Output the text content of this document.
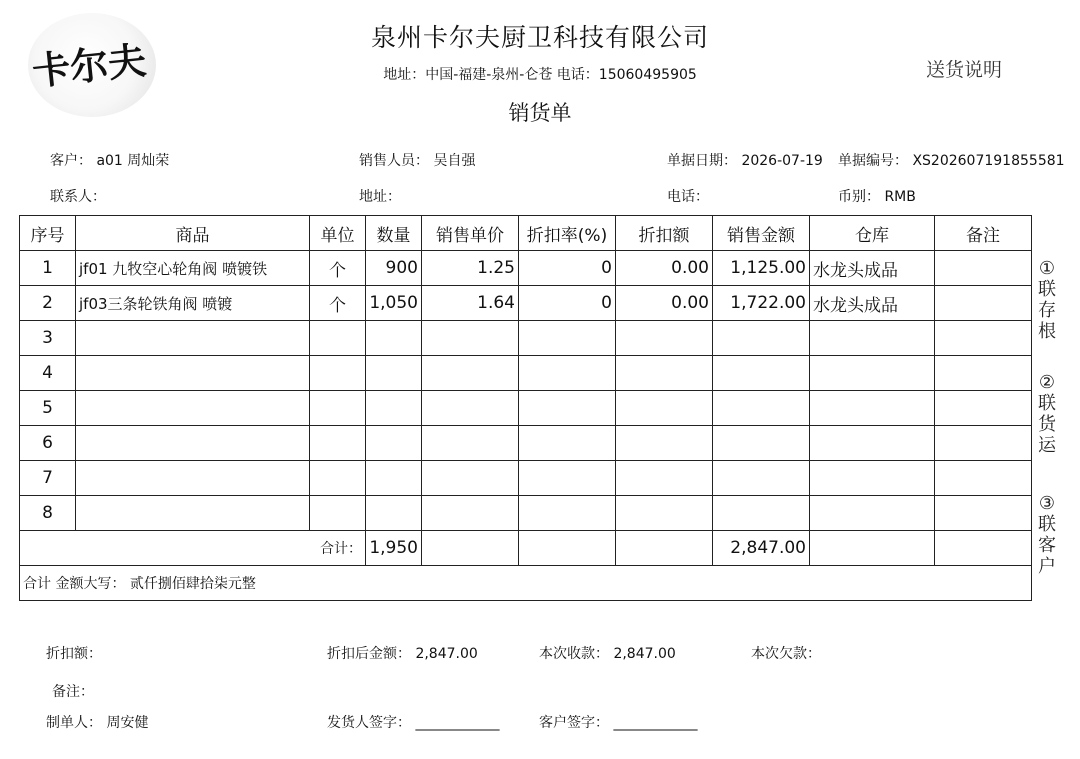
卡尔夫	泉州卡尔夫厨卫科技有限公司
地址：中国-福建-泉州-仑苍 电话：15060495905	送货说明
销货单
客户： a01 周灿荣	销售人员： 吴自强	单据日期： 2026-07-19 单据编号： XS20260719185558​1
联系人：	地址：	电话：	币别： RMB
序号	商品	单位	数量	销售单价	折扣率(%)	折扣额	销售金额	仓库	备注
1	jf01 九牧空心轮角阀 喷镀铁	个	900	1.25	0	0.00	1,125.00	水龙头成品	
2	jf03三条轮铁角阀 喷镀	个	1,050	1.64	0	0.00	1,722.00	水龙头成品	
3									
4									
5									
6									
7									
8									
合计：			1,950				2,847.00		
合计 金额大写： 贰仟捌佰肆拾柒元整									
①联存根
②联货运
③联客户
折扣额：	折扣后金额： 2,847.00	本次收款： 2,847.00	本次欠款：
备注：
制单人： 周安健	发货人签字： ____________	客户签字： ____________
